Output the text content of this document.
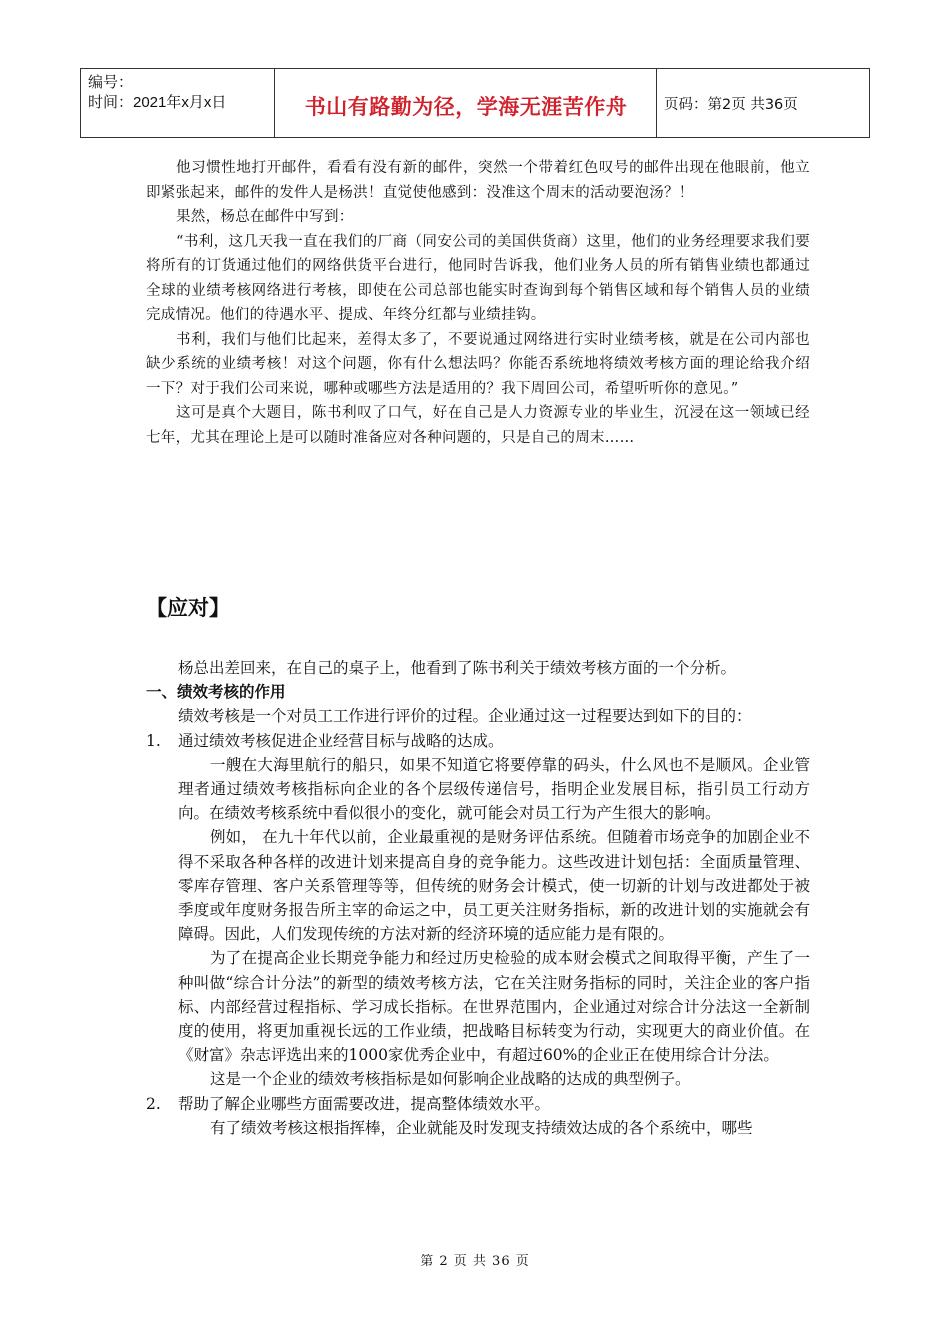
编号：
时间：2021年x月x日	书山有路勤为径，学海无涯苦作舟	页码：第2页 共36页

他习惯性地打开邮件，看看有没有新的邮件，突然一个带着红色叹号的邮件出现在他眼前，他立即紧张起来，邮件的发件人是杨洪！直觉使他感到：没准这个周末的活动要泡汤？！

果然，杨总在邮件中写到：

“书利，这几天我一直在我们的厂商（同安公司的美国供货商）这里，他们的业务经理要求我们要将所有的订货通过他们的网络供货平台进行，他同时告诉我，他们业务人员的所有销售业绩也都通过全球的业绩考核网络进行考核，即使在公司总部也能实时查询到每个销售区域和每个销售人员的业绩完成情况。他们的待遇水平、提成、年终分红都与业绩挂钩。

书利，我们与他们比起来，差得太多了，不要说通过网络进行实时业绩考核，就是在公司内部也缺少系统的业绩考核！对这个问题，你有什么想法吗？你能否系统地将绩效考核方面的理论给我介绍一下？对于我们公司来说，哪种或哪些方法是适用的？我下周回公司，希望听听你的意见。”

这可是真个大题目，陈书利叹了口气，好在自己是人力资源专业的毕业生，沉浸在这一领域已经七年，尤其在理论上是可以随时准备应对各种问题的，只是自己的周末……

【应对】

杨总出差回来，在自己的桌子上，他看到了陈书利关于绩效考核方面的一个分析。

一、绩效考核的作用

绩效考核是一个对员工工作进行评价的过程。企业通过这一过程要达到如下的目的：

1.	通过绩效考核促进企业经营目标与战略的达成。

一艘在大海里航行的船只，如果不知道它将要停靠的码头，什么风也不是顺风。企业管理者通过绩效考核指标向企业的各个层级传递信号，指明企业发展目标，指引员工行动方向。在绩效考核系统中看似很小的变化，就可能会对员工行为产生很大的影响。

例如， 在九十年代以前，企业最重视的是财务评估系统。但随着市场竞争的加剧企业不得不采取各种各样的改进计划来提高自身的竞争能力。这些改进计划包括：全面质量管理、零库存管理、客户关系管理等等，但传统的财务会计模式，使一切新的计划与改进都处于被季度或年度财务报告所主宰的命运之中，员工更关注财务指标，新的改进计划的实施就会有障碍。因此，人们发现传统的方法对新的经济环境的适应能力是有限的。

为了在提高企业长期竞争能力和经过历史检验的成本财会模式之间取得平衡，产生了一种叫做“综合计分法”的新型的绩效考核方法，它在关注财务指标的同时，关注企业的客户指标、内部经营过程指标、学习成长指标。在世界范围内，企业通过对综合计分法这一全新制度的使用，将更加重视长远的工作业绩，把战略目标转变为行动，实现更大的商业价值。在《财富》杂志评选出来的1000家优秀企业中，有超过60%的企业正在使用综合计分法。

这是一个企业的绩效考核指标是如何影响企业战略的达成的典型例子。

2.	帮助了解企业哪些方面需要改进，提高整体绩效水平。

有了绩效考核这根指挥棒，企业就能及时发现支持绩效达成的各个系统中，哪些

第 2 页 共 36 页
